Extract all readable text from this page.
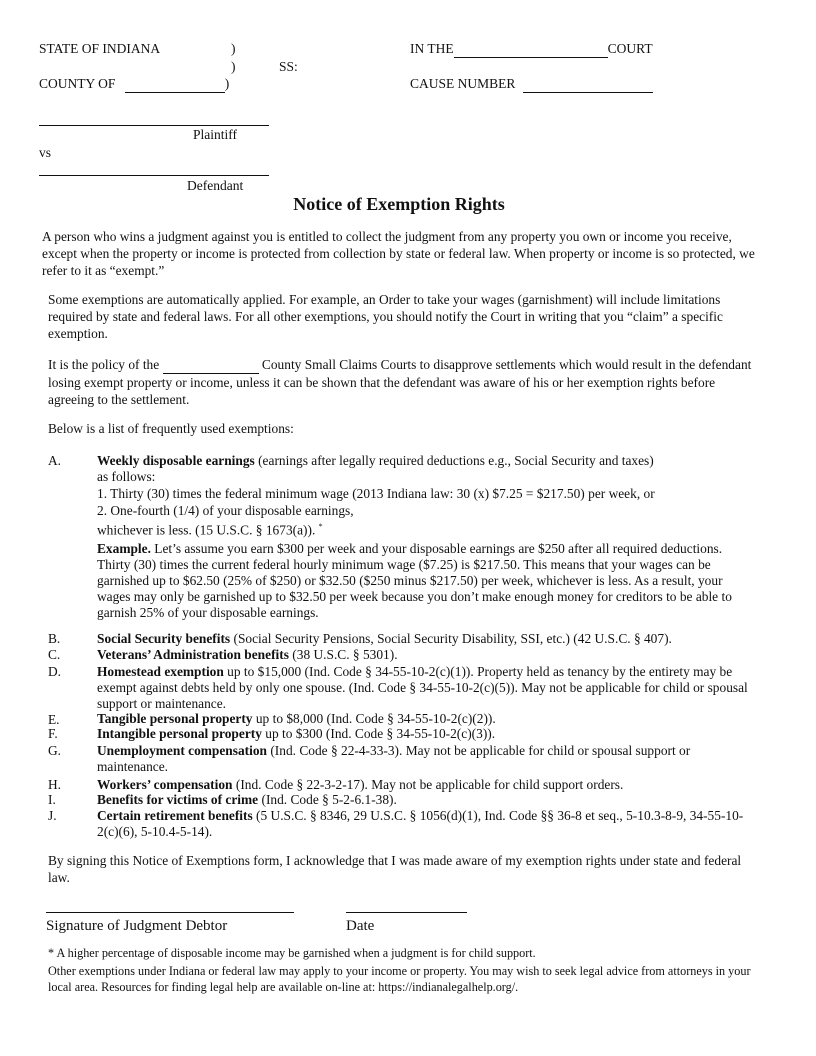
STATE OF INDIANA	)
)	SS:
COUNTY OF	)
IN THE	COURT
CAUSE NUMBER
Plaintiff
vs
Defendant
Notice of Exemption Rights
A person who wins a judgment against you is entitled to collect the judgment from any property you own or income you receive, except when the property or income is protected from collection by state or federal law. When property or income is so protected, we refer to it as “exempt.”
Some exemptions are automatically applied. For example, an Order to take your wages (garnishment) will include limitations required by state and federal laws. For all other exemptions, you should notify the Court in writing that you “claim” a specific exemption.
It is the policy of the	County Small Claims Courts to disapprove settlements which would result in the defendant losing exempt property or income, unless it can be shown that the defendant was aware of his or her exemption rights before agreeing to the settlement.
Below is a list of frequently used exemptions:
A.	Weekly disposable earnings (earnings after legally required deductions e.g., Social Security and taxes)
as follows:
1. Thirty (30) times the federal minimum wage (2013 Indiana law: 30 (x) $7.25 = $217.50) per week, or
2. One-fourth (1/4) of your disposable earnings,
whichever is less. (15 U.S.C. § 1673(a)). *
Example. Let’s assume you earn $300 per week and your disposable earnings are $250 after all required deductions. Thirty (30) times the current federal hourly minimum wage ($7.25) is $217.50. This means that your wages can be garnished up to $62.50 (25% of $250) or $32.50 ($250 minus $217.50) per week, whichever is less. As a result, your wages may only be garnished up to $32.50 per week because you don’t make enough money for creditors to be able to garnish 25% of your disposable earnings.
B.	Social Security benefits (Social Security Pensions, Social Security Disability, SSI, etc.) (42 U.S.C. § 407).
C.	Veterans’ Administration benefits (38 U.S.C. § 5301).
D.	Homestead exemption up to $15,000 (Ind. Code § 34-55-10-2(c)(1)). Property held as tenancy by the entirety may be exempt against debts held by only one spouse. (Ind. Code § 34-55-10-2(c)(5)). May not be applicable for child or spousal support or maintenance.
E.	Tangible personal property up to $8,000 (Ind. Code § 34-55-10-2(c)(2)).
F.	Intangible personal property up to $300 (Ind. Code § 34-55-10-2(c)(3)).
G.	Unemployment compensation (Ind. Code § 22-4-33-3). May not be applicable for child or spousal support or maintenance.
H.	Workers’ compensation (Ind. Code § 22-3-2-17). May not be applicable for child support orders.
I.	Benefits for victims of crime (Ind. Code § 5-2-6.1-38).
J.	Certain retirement benefits (5 U.S.C. § 8346, 29 U.S.C. § 1056(d)(1), Ind. Code §§ 36-8 et seq., 5-10.3-8-9, 34-55-10-2(c)(6), 5-10.4-5-14).
By signing this Notice of Exemptions form, I acknowledge that I was made aware of my exemption rights under state and federal law.
Signature of Judgment Debtor	Date
* A higher percentage of disposable income may be garnished when a judgment is for child support.
Other exemptions under Indiana or federal law may apply to your income or property. You may wish to seek legal advice from attorneys in your local area. Resources for finding legal help are available on-line at: https://indianalegalhelp.org/.
